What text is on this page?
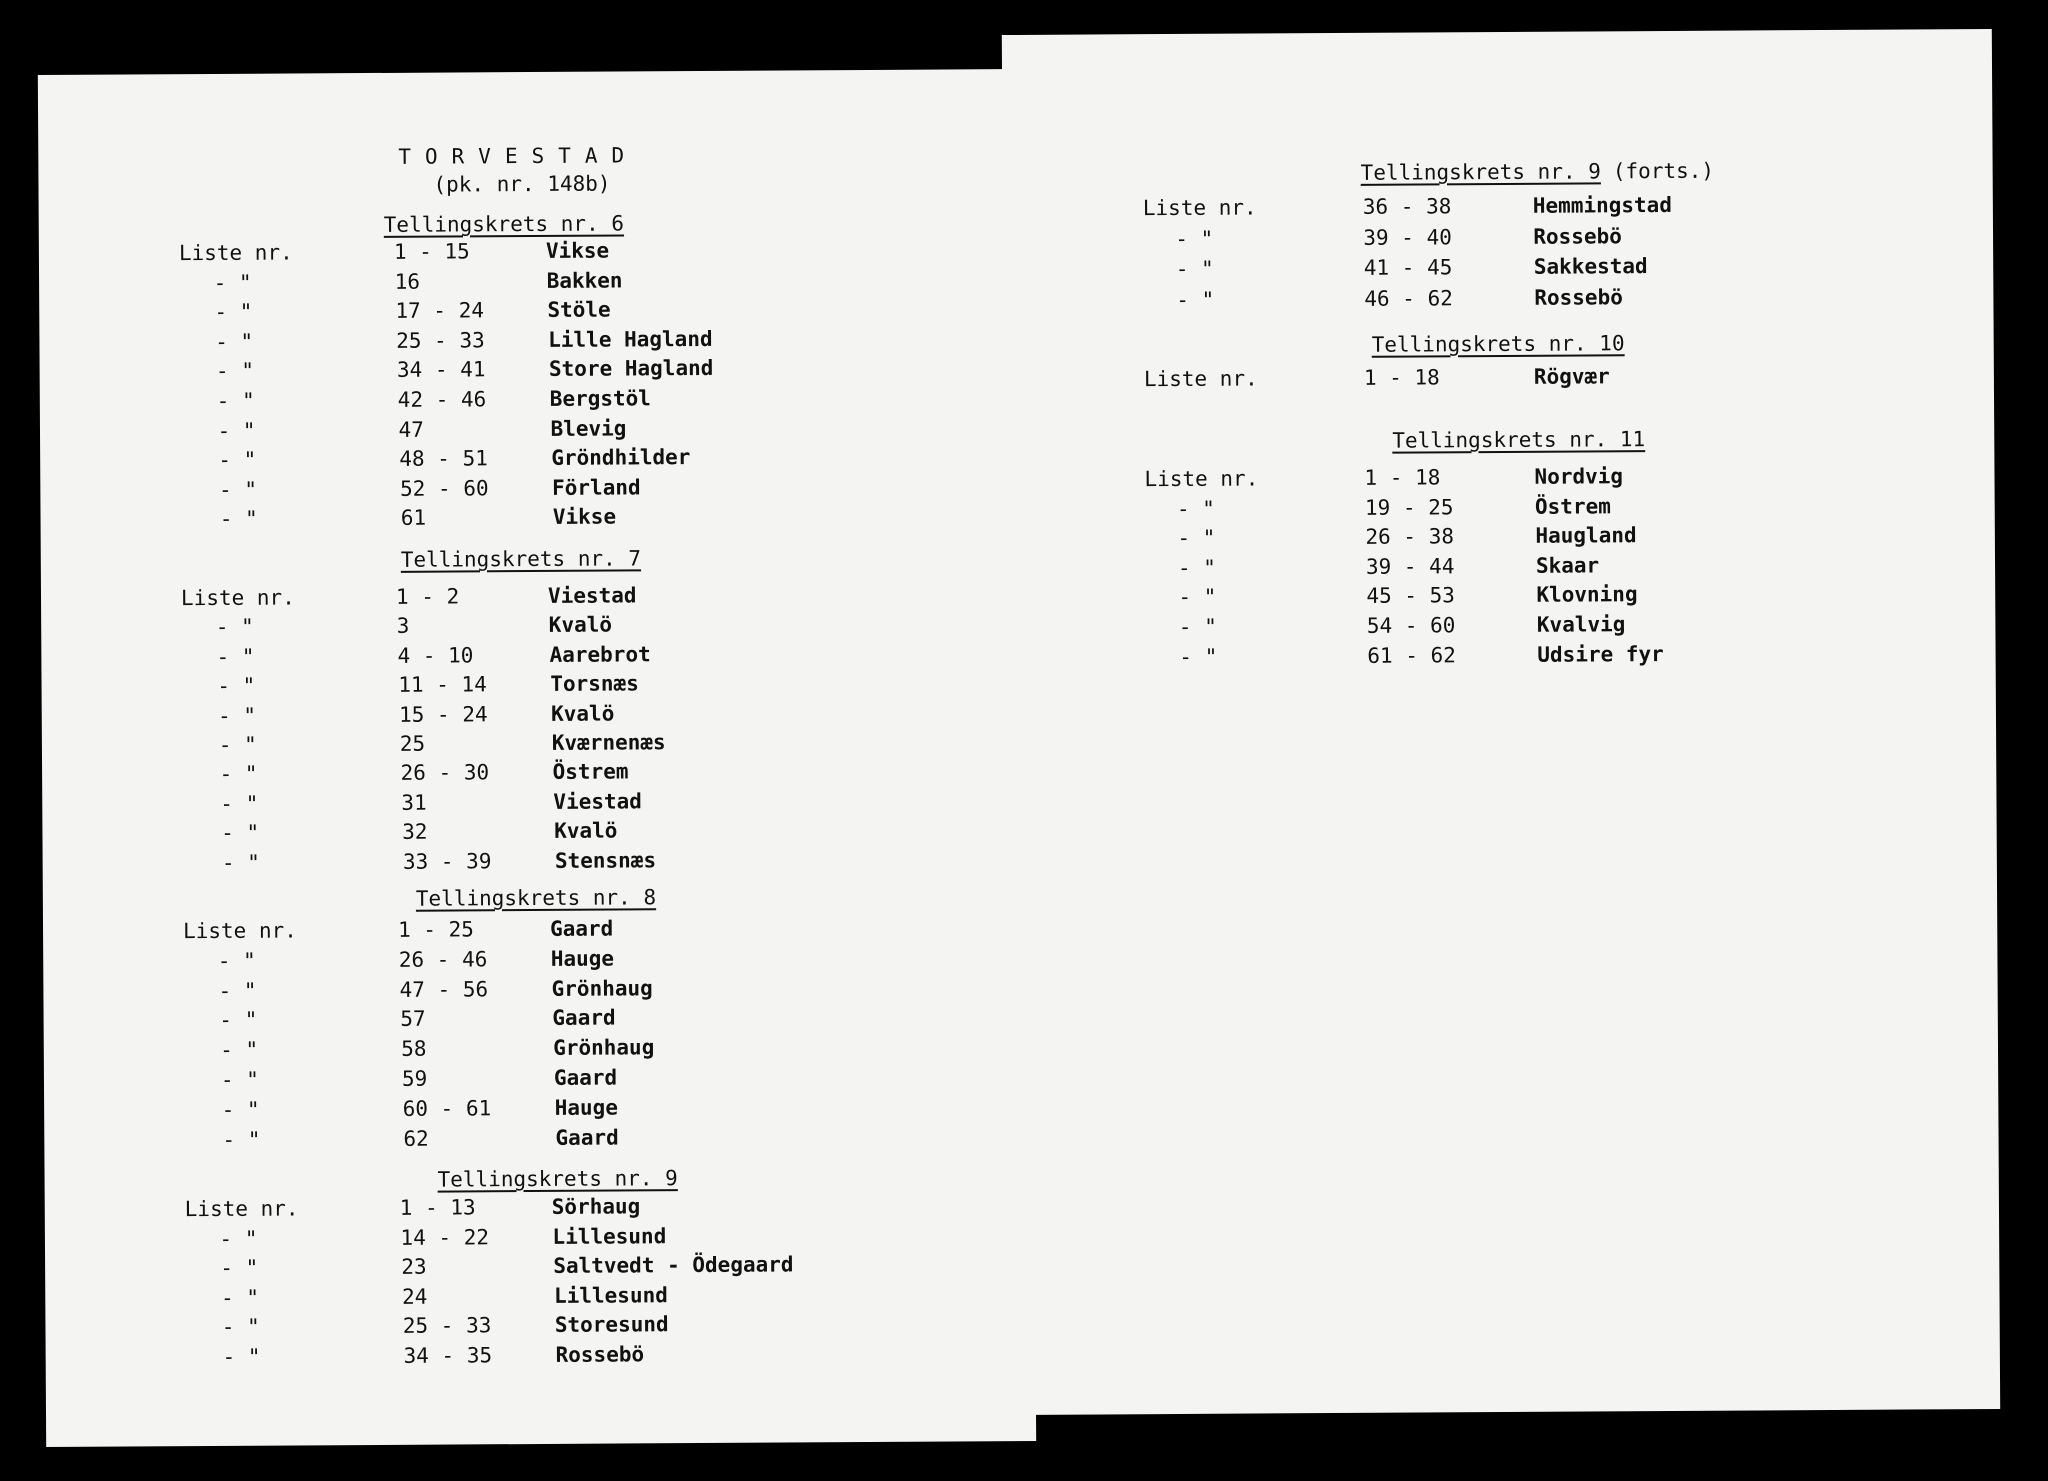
TORVESTAD
(pk. nr. 148b)
Tellingskrets nr. 6
Liste nr.	1 - 15	Vikse
- "	16	Bakken
- "	17 - 24	Stöle
- "	25 - 33	Lille Hagland
- "	34 - 41	Store Hagland
- "	42 - 46	Bergstöl
- "	47	Blevig
- "	48 - 51	Gröndhilder
- "	52 - 60	Förland
- "	61	Vikse
Tellingskrets nr. 7
Liste nr.	1 - 2	Viestad
- "	3	Kvalö
- "	4 - 10	Aarebrot
- "	11 - 14	Torsnæs
- "	15 - 24	Kvalö
- "	25	Kværnenæs
- "	26 - 30	Östrem
- "	31	Viestad
- "	32	Kvalö
- "	33 - 39	Stensnæs
Tellingskrets nr. 8
Liste nr.	1 - 25	Gaard
- "	26 - 46	Hauge
- "	47 - 56	Grönhaug
- "	57	Gaard
- "	58	Grönhaug
- "	59	Gaard
- "	60 - 61	Hauge
- "	62	Gaard
Tellingskrets nr. 9
Liste nr.	1 - 13	Sörhaug
- "	14 - 22	Lillesund
- "	23	Saltvedt - Ödegaard
- "	24	Lillesund
- "	25 - 33	Storesund
- "	34 - 35	Rossebö
Tellingskrets nr. 9 (forts.)
Liste nr.	36 - 38	Hemmingstad
- "	39 - 40	Rossebö
- "	41 - 45	Sakkestad
- "	46 - 62	Rossebö
Tellingskrets nr. 10
Liste nr.	1 - 18	Rögvær
Tellingskrets nr. 11
Liste nr.	1 - 18	Nordvig
- "	19 - 25	Östrem
- "	26 - 38	Haugland
- "	39 - 44	Skaar
- "	45 - 53	Klovning
- "	54 - 60	Kvalvig
- "	61 - 62	Udsire fyr
